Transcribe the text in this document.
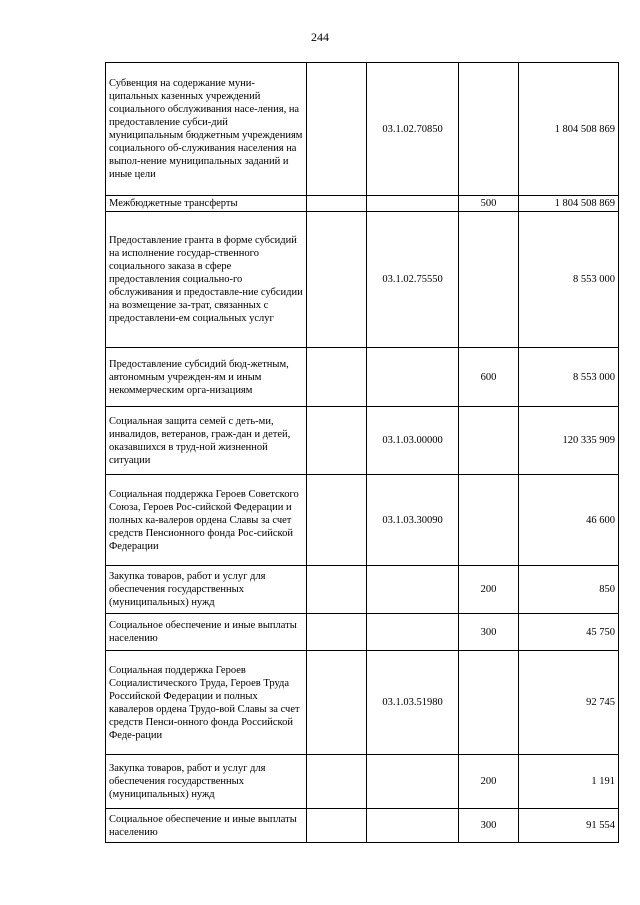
244
Субвенция на содержание муни-ципальных казенных учреждений социального обслуживания насе-ления, на предоставление субси-дий муниципальным бюджетным учреждениям социального об-служивания населения на выпол-нение муниципальных заданий и иные цели		03.1.02.70850		1 804 508 869
Межбюджетные трансферты			500	1 804 508 869
Предоставление гранта в форме субсидий на исполнение государ-ственного социального заказа в сфере предоставления социально-го обслуживания и предоставле-ние субсидии на возмещение за-трат, связанных с предоставлени-ем социальных услуг		03.1.02.75550		8 553 000
Предоставление субсидий бюд-жетным, автономным учрежден-ям и иным некоммерческим орга-низациям			600	8 553 000
Социальная защита семей с деть-ми, инвалидов, ветеранов, граж-дан и детей, оказавшихся в труд-ной жизненной ситуации		03.1.03.00000		120 335 909
Социальная поддержка Героев Советского Союза, Героев Рос-сийской Федерации и полных ка-валеров ордена Славы за счет средств Пенсионного фонда Рос-сийской Федерации		03.1.03.30090		46 600
Закупка товаров, работ и услуг для обеспечения государственных (муниципальных) нужд			200	850
Социальное обеспечение и иные выплаты населению			300	45 750
Социальная поддержка Героев Социалистического Труда, Героев Труда Российской Федерации и полных кавалеров ордена Трудо-вой Славы за счет средств Пенси-онного фонда Российской Феде-рации		03.1.03.51980		92 745
Закупка товаров, работ и услуг для обеспечения государственных (муниципальных) нужд			200	1 191
Социальное обеспечение и иные выплаты населению			300	91 554
